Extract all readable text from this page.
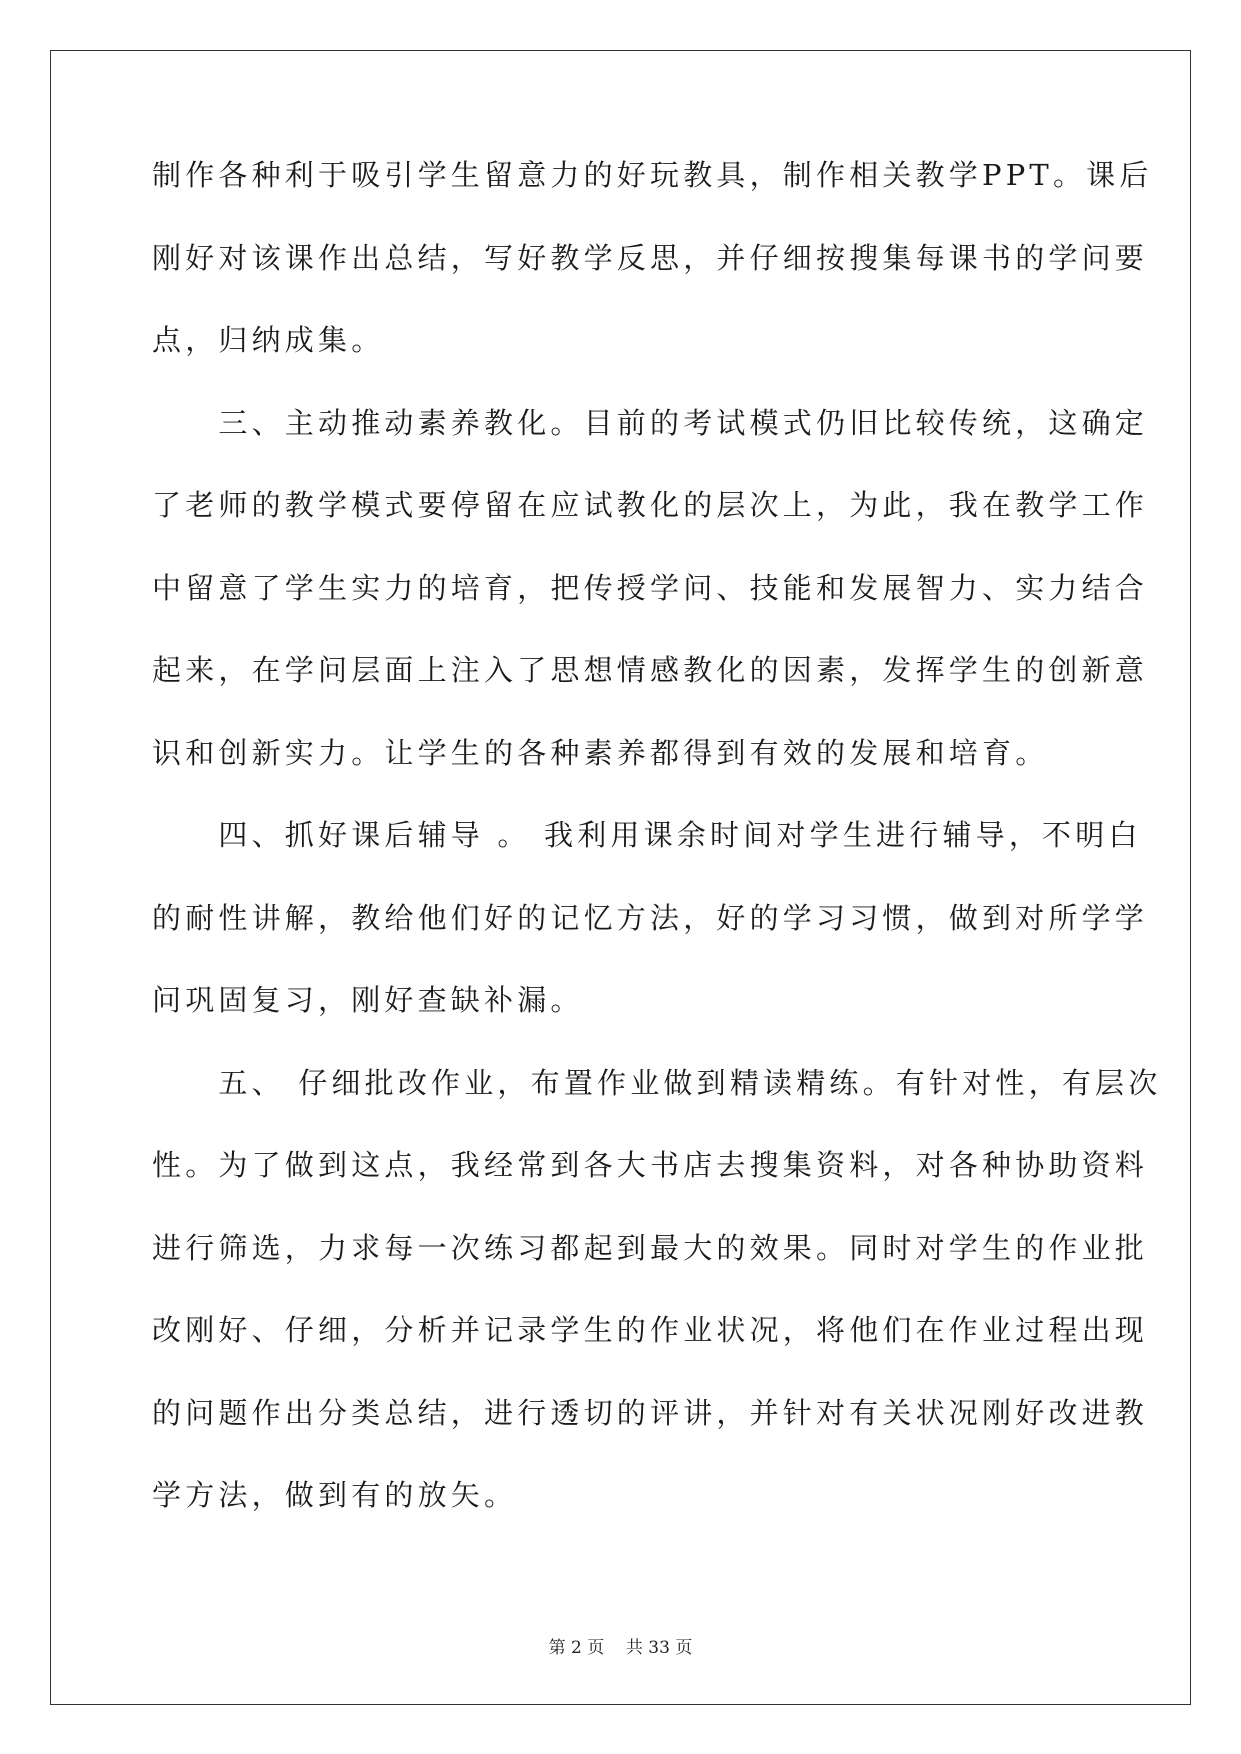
制作各种利于吸引学生留意力的好玩教具，制作相关教学PPT。课后
刚好对该课作出总结，写好教学反思，并仔细按搜集每课书的学问要
点，归纳成集。
　　三、主动推动素养教化。目前的考试模式仍旧比较传统，这确定
了老师的教学模式要停留在应试教化的层次上，为此，我在教学工作
中留意了学生实力的培育，把传授学问、技能和发展智力、实力结合
起来，在学问层面上注入了思想情感教化的因素，发挥学生的创新意
识和创新实力。让学生的各种素养都得到有效的发展和培育。
　　四、抓好课后辅导 。 我利用课余时间对学生进行辅导，不明白
的耐性讲解，教给他们好的记忆方法，好的学习习惯，做到对所学学
问巩固复习，刚好查缺补漏。
　　五、 仔细批改作业，布置作业做到精读精练。有针对性，有层次
性。为了做到这点，我经常到各大书店去搜集资料，对各种协助资料
进行筛选，力求每一次练习都起到最大的效果。同时对学生的作业批
改刚好、仔细，分析并记录学生的作业状况，将他们在作业过程出现
的问题作出分类总结，进行透切的评讲，并针对有关状况刚好改进教
学方法，做到有的放矢。
第 2 页    共 33 页
